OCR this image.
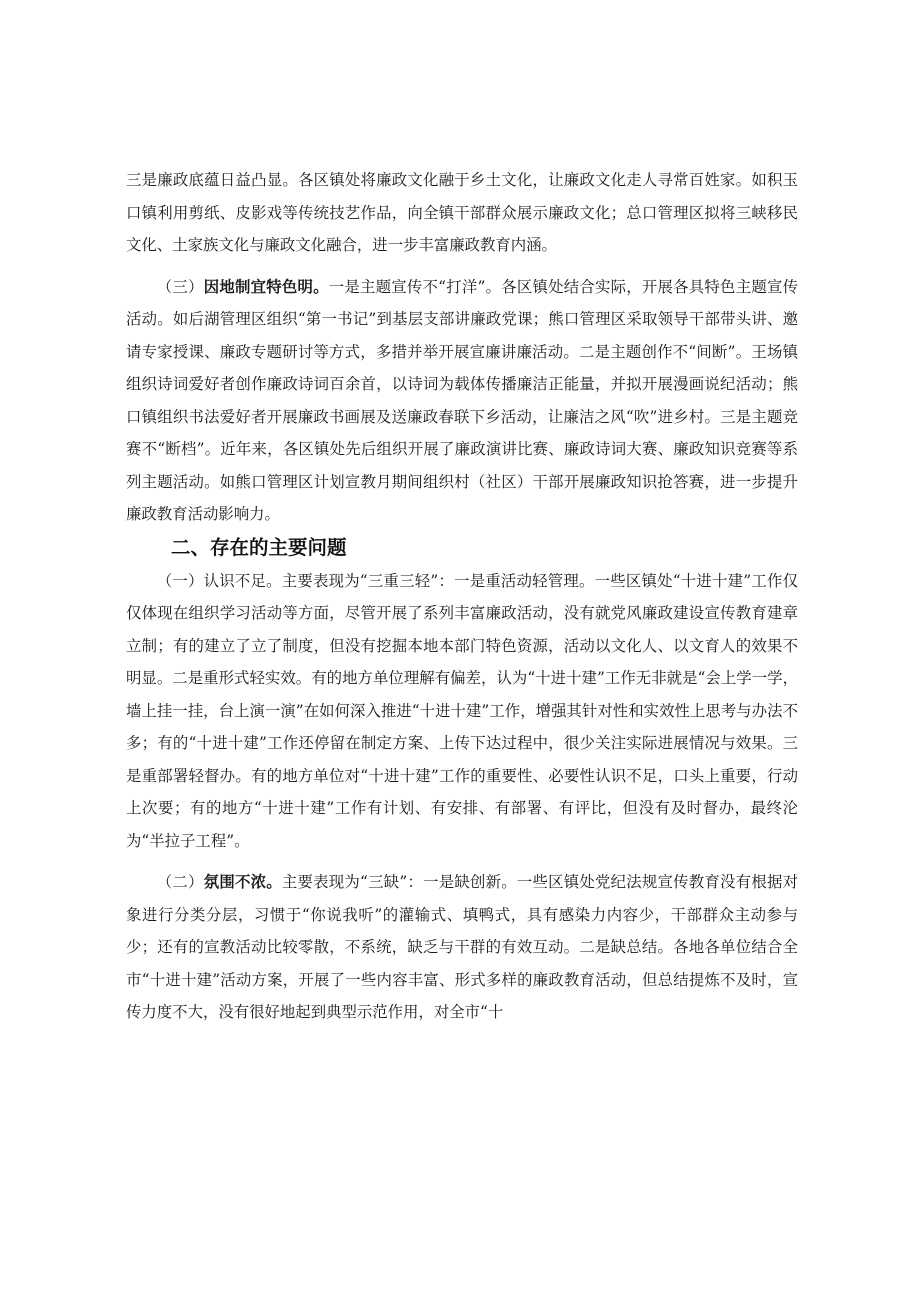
三是廉政底蕴日益凸显。各区镇处将廉政文化融于乡土文化，让廉政文化走人寻常百姓家。如积玉口镇利用剪纸、皮影戏等传统技艺作品，向全镇干部群众展示廉政文化；总口管理区拟将三峡移民文化、土家族文化与廉政文化融合，进一步丰富廉政教育内涵。

（三）因地制宜特色明。一是主题宣传不“打洋”。各区镇处结合实际，开展各具特色主题宣传活动。如后湖管理区组织“第一书记”到基层支部讲廉政党课；熊口管理区采取领导干部带头讲、邀请专家授课、廉政专题研讨等方式，多措并举开展宣廉讲廉活动。二是主题创作不“间断”。王场镇组织诗词爱好者创作廉政诗词百余首，以诗词为载体传播廉洁正能量，并拟开展漫画说纪活动；熊口镇组织书法爱好者开展廉政书画展及送廉政春联下乡活动，让廉洁之风“吹”进乡村。三是主题竞赛不“断档”。近年来，各区镇处先后组织开展了廉政演讲比赛、廉政诗词大赛、廉政知识竞赛等系列主题活动。如熊口管理区计划宣教月期间组织村（社区）干部开展廉政知识抢答赛，进一步提升廉政教育活动影响力。

二、存在的主要问题

（一）认识不足。主要表现为“三重三轻”：一是重活动轻管理。一些区镇处“十进十建”工作仅仅体现在组织学习活动等方面，尽管开展了系列丰富廉政活动，没有就党风廉政建设宣传教育建章立制；有的建立了立了制度，但没有挖掘本地本部门特色资源，活动以文化人、以文育人的效果不明显。二是重形式轻实效。有的地方单位理解有偏差，认为“十进十建”工作无非就是“会上学一学，墙上挂一挂，台上演一演”在如何深入推进“十进十建”工作，增强其针对性和实效性上思考与办法不多；有的“十进十建”工作还停留在制定方案、上传下达过程中，很少关注实际进展情况与效果。三是重部署轻督办。有的地方单位对“十进十建”工作的重要性、必要性认识不足，口头上重要，行动上次要；有的地方“十进十建”工作有计划、有安排、有部署、有评比，但没有及时督办，最终沦为“半拉子工程”。

（二）氛围不浓。主要表现为“三缺”：一是缺创新。一些区镇处党纪法规宣传教育没有根据对象进行分类分层，习惯于“你说我听”的灌输式、填鸭式，具有感染力内容少，干部群众主动参与少；还有的宣教活动比较零散，不系统，缺乏与干群的有效互动。二是缺总结。各地各单位结合全市“十进十建”活动方案，开展了一些内容丰富、形式多样的廉政教育活动，但总结提炼不及时，宣传力度不大，没有很好地起到典型示范作用，对全市“十
